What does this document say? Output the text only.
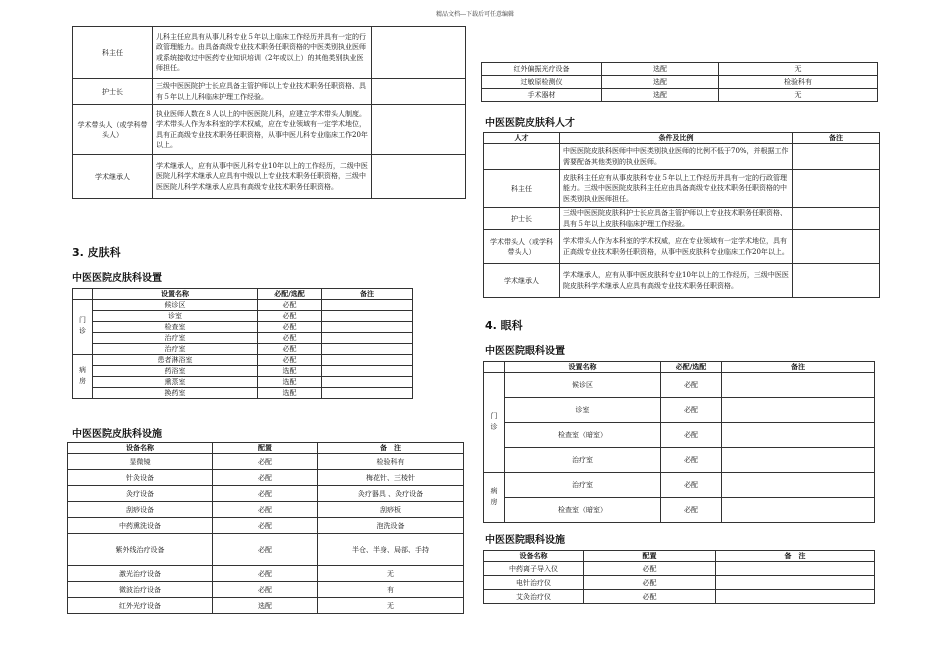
精品文档---下载后可任意编辑
科主任	儿科主任应具有从事儿科专业５年以上临床工作经历并具有一定的行政管理能力。由具备高级专业技术职务任职资格的中医类别执业医师或系统接收过中医药专业知识培训（2年或以上）的其他类别执业医师担任。	
护士长	三级中医医院护士长应具备主管护师以上专业技术职务任职资格、具有５年以上儿科临床护理工作经验。	
学术带头人（或学科带头人）	执业医师人数在８人以上的中医医院儿科，应建立学术带头人制度。学术带头人作为本科室的学术权威，应在专业领域有一定学术地位，具有正高级专业技术职务任职资格，从事中医儿科专业临床工作20年以上。	
学术继承人	学术继承人，应有从事中医儿科专业10年以上的工作经历，二级中医医院儿科学术继承人应具有中级以上专业技术职务任职资格，三级中医医院儿科学术继承人应具有高级专业技术职务任职资格。	
3. 皮肤科
中医医院皮肤科设置
	设置名称	必配/选配	备注
门诊	候诊区	必配	
	诊室	必配	
	检查室	必配	
	治疗室	必配	
	治疗室	必配	
病房	患者淋浴室	必配	
	药浴室	选配	
	熏蒸室	选配	
	换药室	选配	
中医医院皮肤科设施
设备名称	配置	备　注
显微镜	必配	检验科有
针灸设备	必配	梅花针、三棱针
灸疗设备	必配	灸疗器具 、灸疗设备
刮痧设备	必配	刮痧板
中药熏洗设备	必配	泡洗设备
紫外线治疗设备	必配	半仓、半身、局部、手持
激光治疗设备	必配	无
微波治疗设备	必配	有
红外光疗设备	选配	无
红外偏振光疗设备	选配	无
过敏原检测仪	选配	检验科有
手术器材	选配	无
中医医院皮肤科人才
人才	条件及比例	备注
	中医医院皮肤科医师中中医类别执业医师的比例不低于70%，并根据工作需要配备其他类别的执业医师。	
科主任	皮肤科主任应有从事皮肤科专业５年以上工作经历并具有一定的行政管理能力。三级中医医院皮肤科主任应由具备高级专业技术职务任职资格的中医类别执业医师担任。	
护士长	三级中医医院皮肤科护士长应具备主管护师以上专业技术职务任职资格、具有５年以上皮肤科临床护理工作经验。	
学术带头人（或学科带头人）	学术带头人作为本科室的学术权威，应在专业领域有一定学术地位，具有正高级专业技术职务任职资格，从事中医皮肤科专业临床工作20年以上。	
学术继承人	学术继承人，应有从事中医皮肤科专业10年以上的工作经历，三级中医医院皮肤科学术继承人应具有高级专业技术职务任职资格。	
4. 眼科
中医医院眼科设置
	设置名称	必配/选配	备注
门诊	候诊区	必配	
	诊室	必配	
	检查室（暗室）	必配	
	治疗室	必配	
病房	治疗室	必配	
	检查室（暗室）	必配	
中医医院眼科设施
设备名称	配置	备　注
中药离子导入仪	必配	
电针治疗仪	必配	
艾灸治疗仪	必配	
